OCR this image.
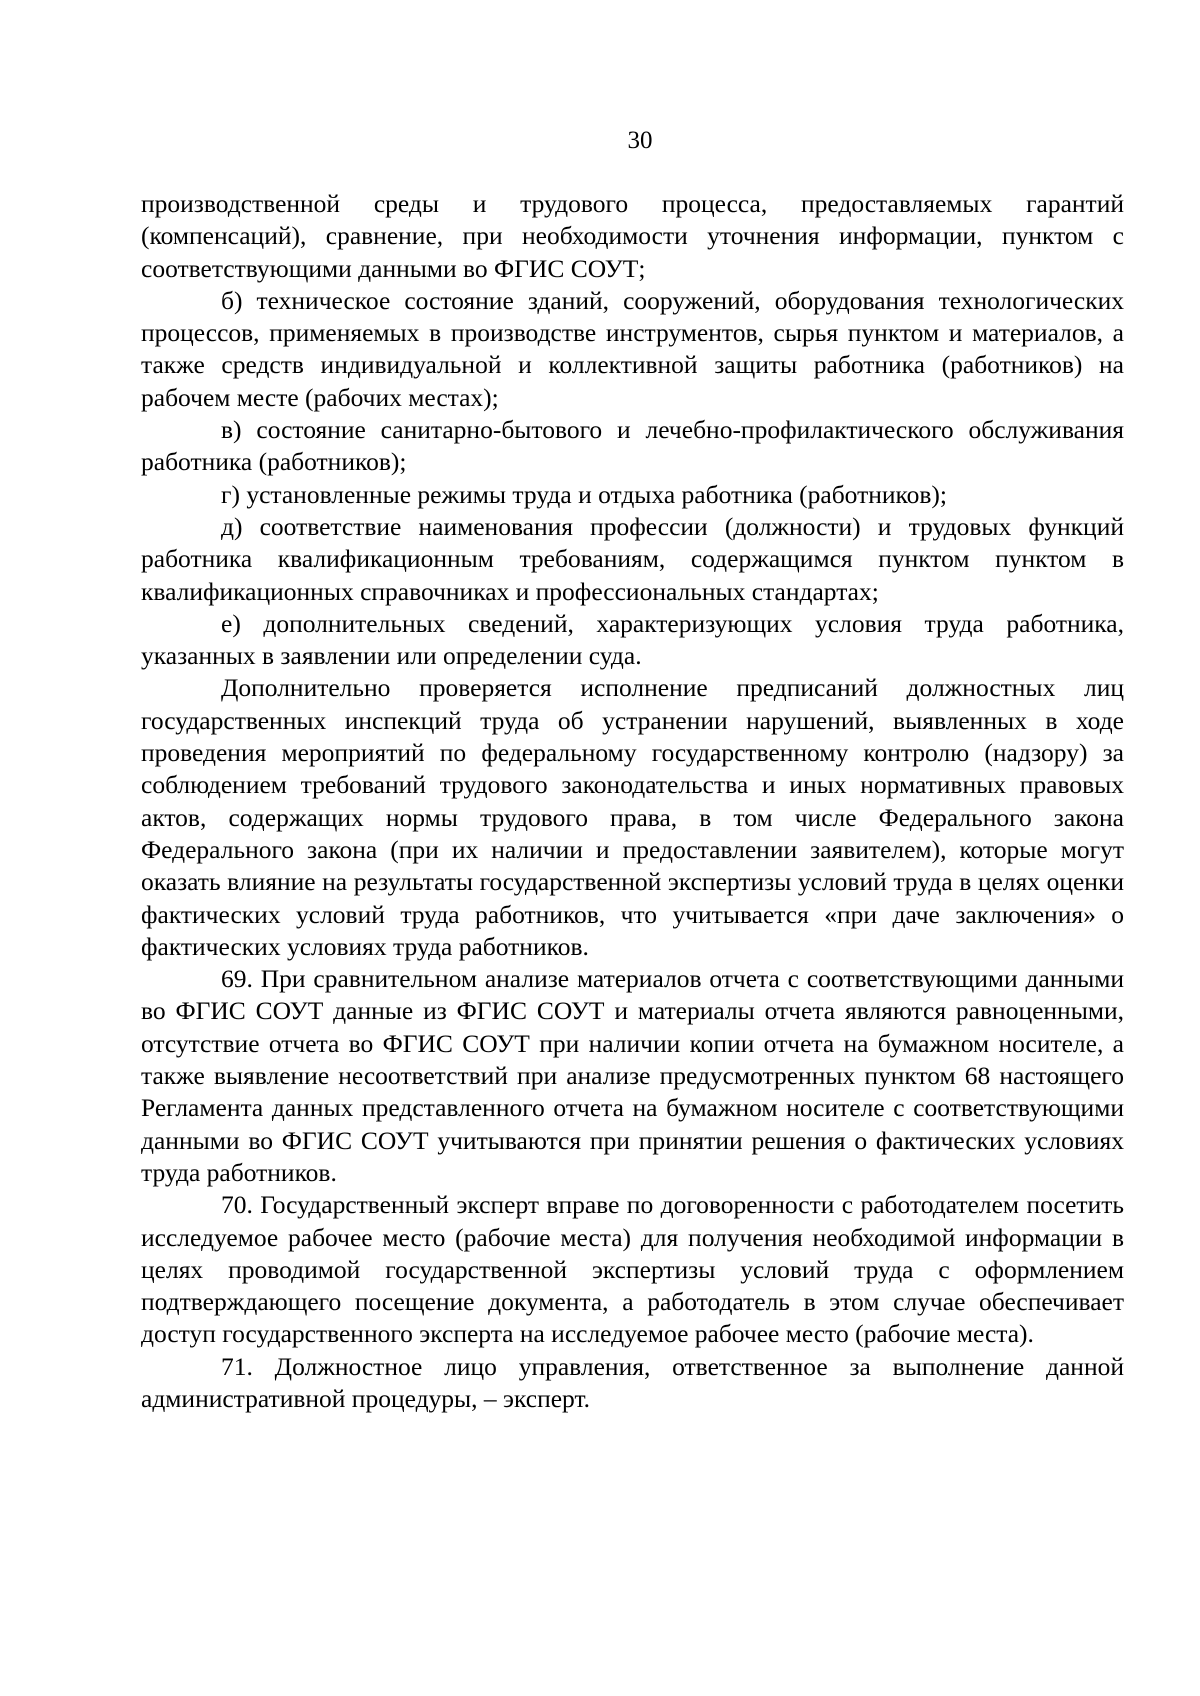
30

производственной среды и трудового процесса, предоставляемых гарантий (компенсаций), сравнение, при необходимости уточнения информации, пунктом с соответствующими данными во ФГИС СОУТ;

б) техническое состояние зданий, сооружений, оборудования технологических процессов, применяемых в производстве инструментов, сырья пунктом и материалов, а также средств индивидуальной и коллективной защиты работника (работников) на рабочем месте (рабочих местах);

в) состояние санитарно-бытового и лечебно-профилактического обслуживания работника (работников);

г) установленные режимы труда и отдыха работника (работников);

д) соответствие наименования профессии (должности) и трудовых функций работника квалификационным требованиям, содержащимся пунктом пунктом в квалификационных справочниках и профессиональных стандартах;

е) дополнительных сведений, характеризующих условия труда работника, указанных в заявлении или определении суда.

Дополнительно проверяется исполнение предписаний должностных лиц государственных инспекций труда об устранении нарушений, выявленных в ходе проведения мероприятий по федеральному государственному контролю (надзору) за соблюдением требований трудового законодательства и иных нормативных правовых актов, содержащих нормы трудового права, в том числе Федерального закона Федерального закона (при их наличии и предоставлении заявителем), которые могут оказать влияние на результаты государственной экспертизы условий труда в целях оценки фактических условий труда работников, что учитывается «при даче заключения» о фактических условиях труда работников.

69. При сравнительном анализе материалов отчета с соответствующими данными во ФГИС СОУТ данные из ФГИС СОУТ и материалы отчета являются равноценными, отсутствие отчета во ФГИС СОУТ при наличии копии отчета на бумажном носителе, а также выявление несоответствий при анализе предусмотренных пунктом 68 настоящего Регламента данных представленного отчета на бумажном носителе с соответствующими данными во ФГИС СОУТ учитываются при принятии решения о фактических условиях труда работников.

70. Государственный эксперт вправе по договоренности с работодателем посетить исследуемое рабочее место (рабочие места) для получения необходимой информации в целях проводимой государственной экспертизы условий труда с оформлением подтверждающего посещение документа, а работодатель в этом случае обеспечивает доступ государственного эксперта на исследуемое рабочее место (рабочие места).

71. Должностное лицо управления, ответственное за выполнение данной административной процедуры, – эксперт.
